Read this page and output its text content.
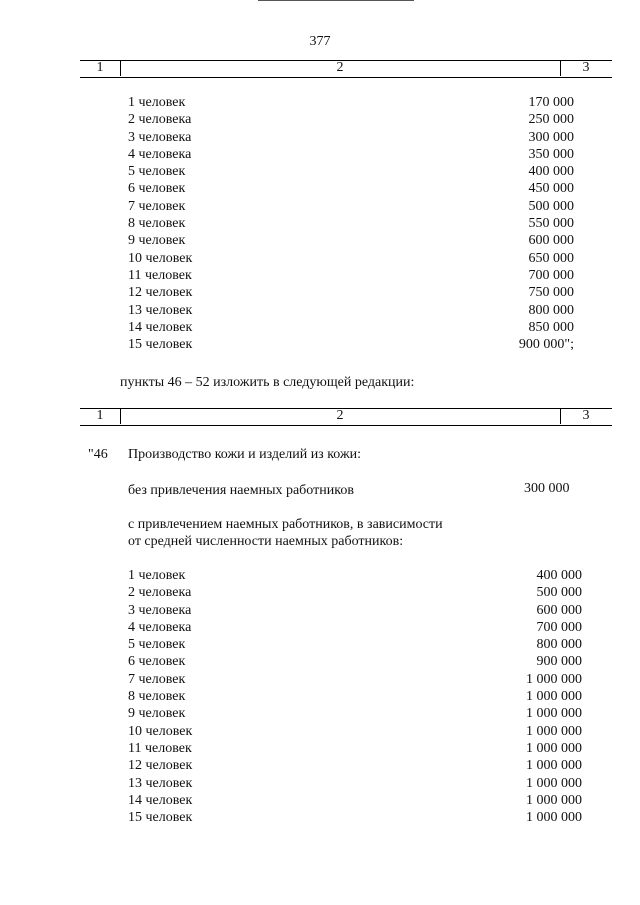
377
1	2	3
1 человек	170 000
2 человека	250 000
3 человека	300 000
4 человека	350 000
5 человек	400 000
6 человек	450 000
7 человек	500 000
8 человек	550 000
9 человек	600 000
10 человек	650 000
11 человек	700 000
12 человек	750 000
13 человек	800 000
14 человек	850 000
15 человек	900 000";
пункты 46 – 52 изложить в следующей редакции:
1	2	3
"46 Производство кожи и изделий из кожи:
без привлечения наемных работников	300 000
с привлечением наемных работников, в зависимости
от средней численности наемных работников:
1 человек	400 000
2 человека	500 000
3 человека	600 000
4 человека	700 000
5 человек	800 000
6 человек	900 000
7 человек	1 000 000
8 человек	1 000 000
9 человек	1 000 000
10 человек	1 000 000
11 человек	1 000 000
12 человек	1 000 000
13 человек	1 000 000
14 человек	1 000 000
15 человек	1 000 000
